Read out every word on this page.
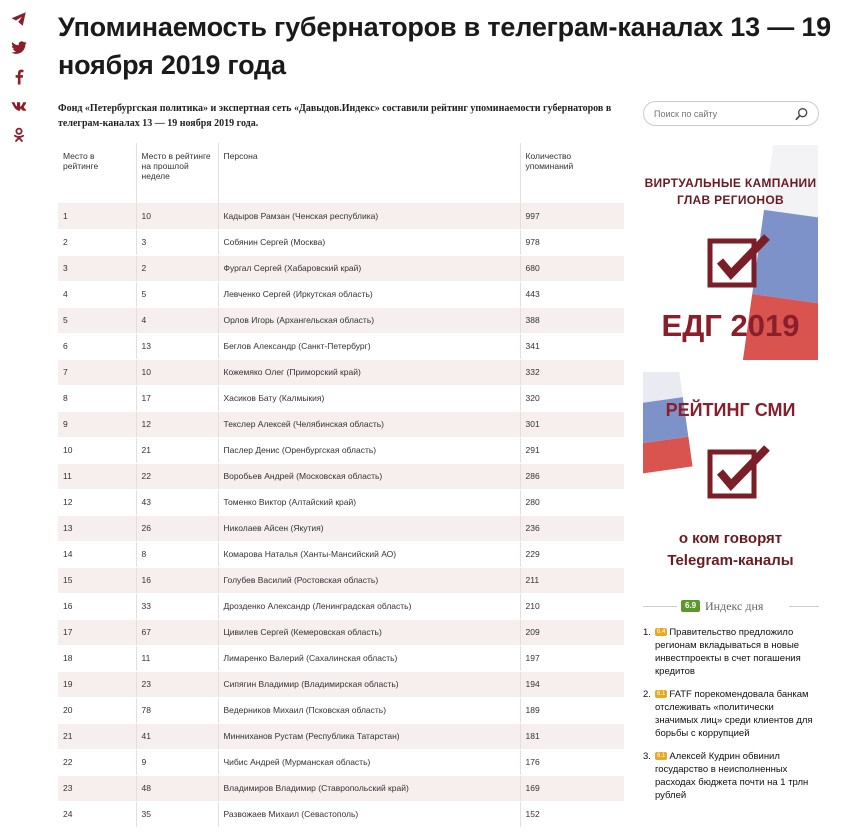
Упоминаемость губернаторов в телеграм-каналах 13 — 19 ноября 2019 года

Фонд «Петербургская политика» и экспертная сеть «Давыдов.Индекс» составили рейтинг упоминаемости губернаторов в телеграм-каналах 13 — 19 ноября 2019 года.

Место в рейтинге	Место в рейтинге на прошлой неделе	Персона	Количество упоминаний
1	10	Кадыров Рамзан (Ченская республика)	997
2	3	Собянин Сергей (Москва)	978
3	2	Фургал Сергей (Хабаровский край)	680
4	5	Левченко Сергей (Иркутская область)	443
5	4	Орлов Игорь (Архангельская область)	388
6	13	Беглов Александр (Санкт-Петербург)	341
7	10	Кожемяко Олег (Приморский край)	332
8	17	Хасиков Бату (Калмыкия)	320
9	12	Текслер Алексей (Челябинская область)	301
10	21	Паслер Денис (Оренбургская область)	291
11	22	Воробьев Андрей (Московская область)	286
12	43	Томенко Виктор (Алтайский край)	280
13	26	Николаев Айсен (Якутия)	236
14	8	Комарова Наталья (Ханты-Мансийский АО)	229
15	16	Голубев Василий (Ростовская область)	211
16	33	Дрозденко Александр (Ленинградская область)	210
17	67	Цивилев Сергей (Кемеровская область)	209
18	11	Лимаренко Валерий (Сахалинская область)	197
19	23	Сипягин Владимир (Владимирская область)	194
20	78	Ведерников Михаил (Псковская область)	189
21	41	Минниханов Рустам (Республика Татарстан)	181
22	9	Чибис Андрей (Мурманская область)	176
23	48	Владимиров Владимир (Ставропольский край)	169
24	35	Развожаев Михаил (Севастополь)	152
Поиск по сайту
ВИРТУАЛЬНЫЕ КАМПАНИИ ГЛАВ РЕГИОНОВ
ЕДГ 2019
РЕЙТИНГ СМИ
о ком говорят
Telegram-каналы
6.9 Индекс дня
1. 6.4 Правительство предложило регионам вкладываться в новые инвестпроекты в счет погашения кредитов
2. 6.1 FATF порекомендовала банкам отслеживать «политически значимых лиц» среди клиентов для борьбы с коррупцией
3. 6.1 Алексей Кудрин обвинил государство в неисполненных расходах бюджета почти на 1 трлн рублей
